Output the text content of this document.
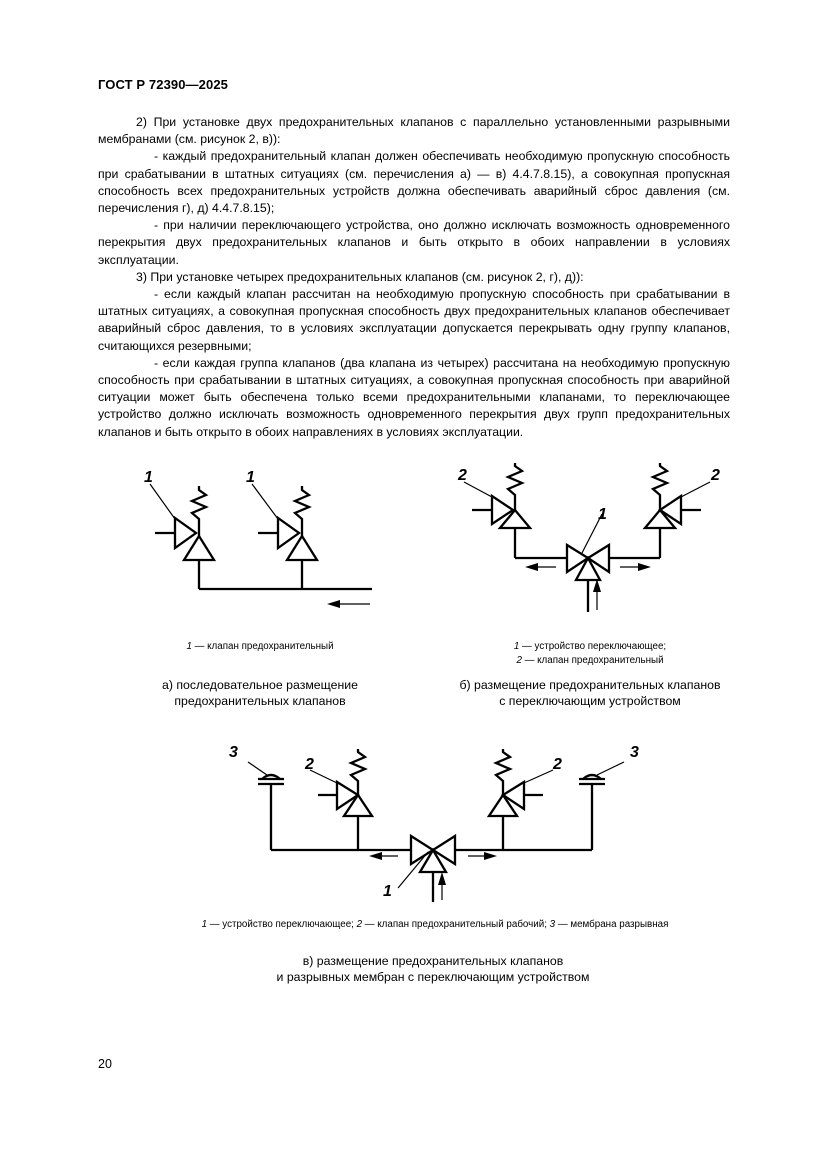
ГОСТ Р 72390—2025

2) При установке двух предохранительных клапанов с параллельно установленными разрывными мембранами (см. рисунок 2, в)):

- каждый предохранительный клапан должен обеспечивать необходимую пропускную способность при срабатывании в штатных ситуациях (см. перечисления а) — в) 4.4.7.8.15), а совокупная пропускная способность всех предохранительных устройств должна обеспечивать аварийный сброс давления (см. перечисления г), д) 4.4.7.8.15);

- при наличии переключающего устройства, оно должно исключать возможность одновременного перекрытия двух предохранительных клапанов и быть открыто в обоих направлении в условиях эксплуатации.

3) При установке четырех предохранительных клапанов (см. рисунок 2, г), д)):

- если каждый клапан рассчитан на необходимую пропускную способность при срабатывании в штатных ситуациях, а совокупная пропускная способность двух предохранительных клапанов обеспечивает аварийный сброс давления, то в условиях эксплуатации допускается перекрывать одну группу клапанов, считающихся резервными;

- если каждая группа клапанов (два клапана из четырех) рассчитана на необходимую пропускную способность при срабатывании в штатных ситуациях, а совокупная пропускная способность при аварийной ситуации может быть обеспечена только всеми предохранительными клапанами, то переключающее устройство должно исключать возможность одновременного перекрытия двух групп предохранительных клапанов и быть открыто в обоих направлениях в условиях эксплуатации.

1	1
1 — клапан предохранительный
а) последовательное размещение
предохранительных клапанов
2
1
2
1 — устройство переключающее;
2 — клапан предохранительный
б) размещение предохранительных клапанов
с переключающим устройством
3
2	2
3
1
1 — устройство переключающее; 2 — клапан предохранительный рабочий; 3 — мембрана разрывная
в) размещение предохранительных клапанов
и разрывных мембран с переключающим устройством
20
